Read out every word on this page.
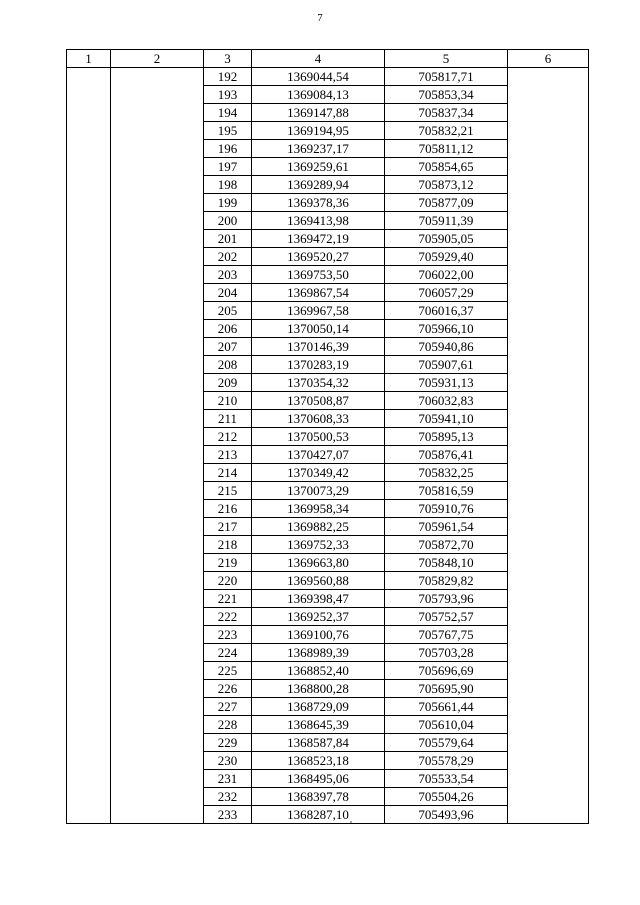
7
1	2	3	4	5	6
		192	1369044,54	705817,71	
		193	1369084,13	705853,34	
		194	1369147,88	705837,34	
		195	1369194,95	705832,21	
		196	1369237,17	705811,12	
		197	1369259,61	705854,65	
		198	1369289,94	705873,12	
		199	1369378,36	705877,09	
		200	1369413,98	705911,39	
		201	1369472,19	705905,05	
		202	1369520,27	705929,40	
		203	1369753,50	706022,00	
		204	1369867,54	706057,29	
		205	1369967,58	706016,37	
		206	1370050,14	705966,10	
		207	1370146,39	705940,86	
		208	1370283,19	705907,61	
		209	1370354,32	705931,13	
		210	1370508,87	706032,83	
		211	1370608,33	705941,10	
		212	1370500,53	705895,13	
		213	1370427,07	705876,41	
		214	1370349,42	705832,25	
		215	1370073,29	705816,59	
		216	1369958,34	705910,76	
		217	1369882,25	705961,54	
		218	1369752,33	705872,70	
		219	1369663,80	705848,10	
		220	1369560,88	705829,82	
		221	1369398,47	705793,96	
		222	1369252,37	705752,57	
		223	1369100,76	705767,75	
		224	1368989,39	705703,28	
		225	1368852,40	705696,69	
		226	1368800,28	705695,90	
		227	1368729,09	705661,44	
		228	1368645,39	705610,04	
		229	1368587,84	705579,64	
		230	1368523,18	705578,29	
		231	1368495,06	705533,54	
		232	1368397,78	705504,26	
		233	1368287,10	705493,96	
